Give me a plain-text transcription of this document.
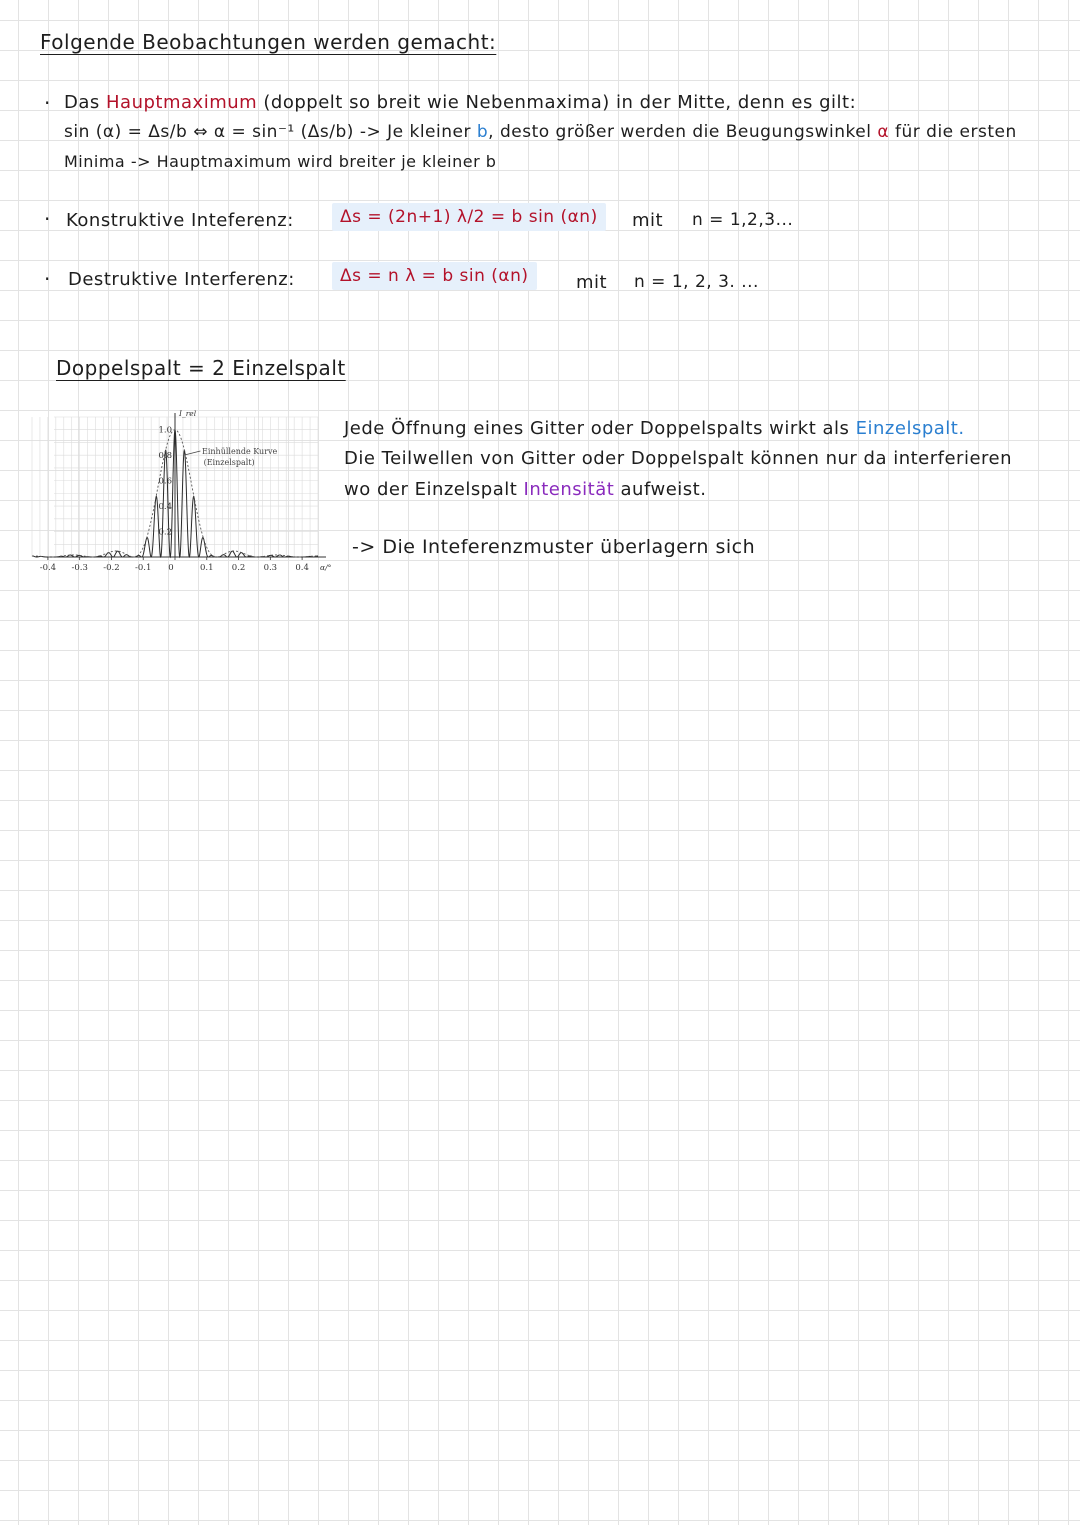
Folgende Beobachtungen werden gemacht:
· Das Hauptmaximum (doppelt so breit wie Nebenmaxima) in der Mitte, denn es gilt:
sin (α) = Δs/b ⇔ α = sin⁻¹ (Δs/b) -> Je kleiner b, desto größer werden die Beugungswinkel α für die ersten
Minima -> Hauptmaximum wird breiter je kleiner b
· Konstruktive Inteferenz:	Δs = (2n+1) λ/2 = b sin (αn)	mit n = 1,2,3...
· Destruktive Interferenz:	Δs = n λ = b sin (αn)	mit n = 1, 2, 3. ...
Doppelspalt = 2 Einzelspalt
-0.4 -0.3 -0.2 -0.1 0	0.1 0.2 0.3 0.4
0.2
0.4
0.6
0.8
1.0
I_rel
α/°
Einhüllende Kurve
(Einzelspalt)
Jede Öffnung eines Gitter oder Doppelspalts wirkt als Einzelspalt.
Die Teilwellen von Gitter oder Doppelspalt können nur da interferieren
wo der Einzelspalt Intensität aufweist.
-> Die Inteferenzmuster überlagern sich
